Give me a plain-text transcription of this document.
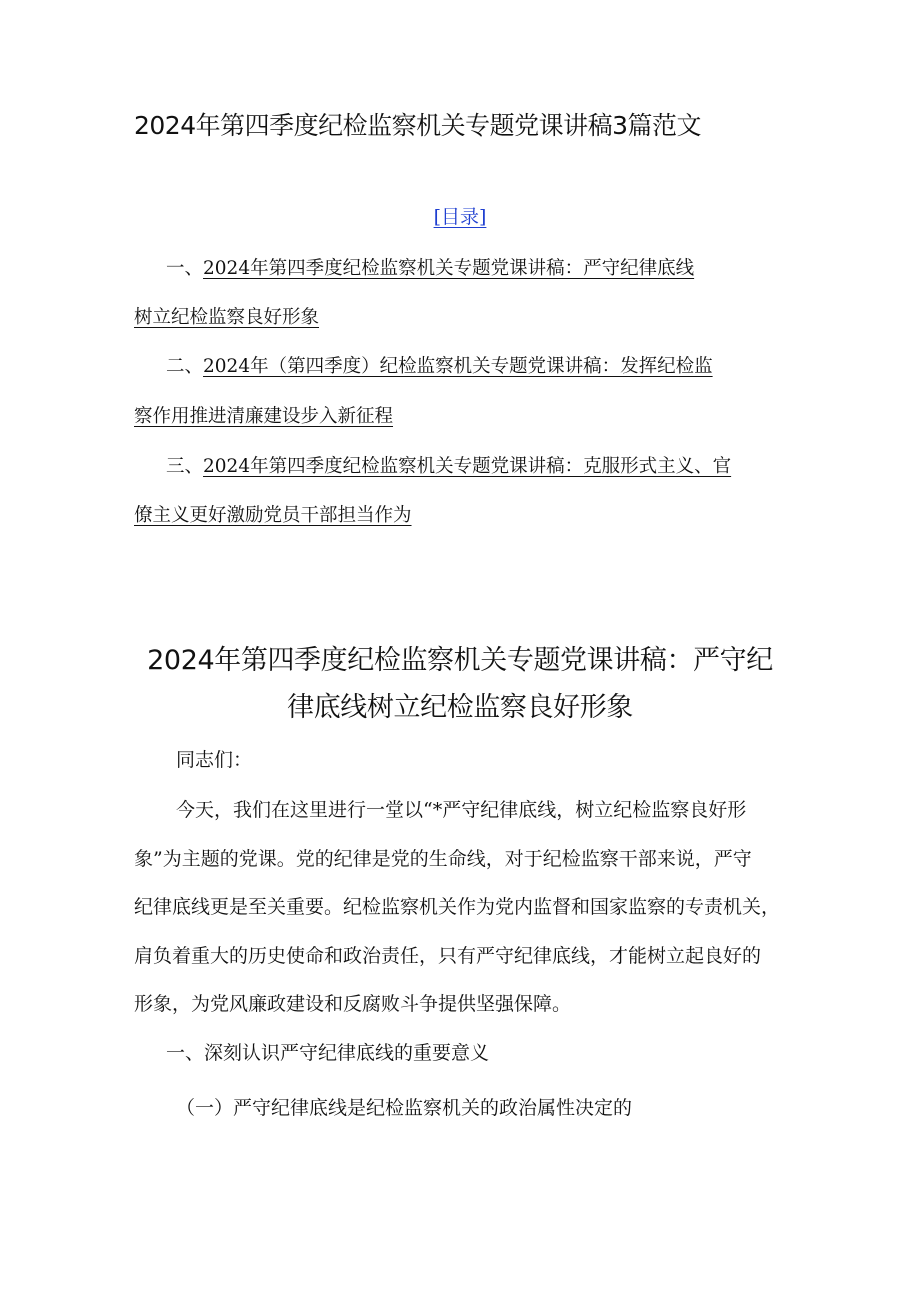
2024年第四季度纪检监察机关专题党课讲稿3篇范文
[目录]
一、2024年第四季度纪检监察机关专题党课讲稿：严守纪律底线
树立纪检监察良好形象
二、2024年（第四季度）纪检监察机关专题党课讲稿：发挥纪检监
察作用推进清廉建设步入新征程
三、2024年第四季度纪检监察机关专题党课讲稿：克服形式主义、官
僚主义更好激励党员干部担当作为
2024年第四季度纪检监察机关专题党课讲稿：严守纪
律底线树立纪检监察良好形象
同志们：
今天，我们在这里进行一堂以“*严守纪律底线，树立纪检监察良好形
象”为主题的党课。党的纪律是党的生命线，对于纪检监察干部来说，严守
纪律底线更是至关重要。纪检监察机关作为党内监督和国家监察的专责机关，
肩负着重大的历史使命和政治责任，只有严守纪律底线，才能树立起良好的
形象，为党风廉政建设和反腐败斗争提供坚强保障。
一、深刻认识严守纪律底线的重要意义
（一）严守纪律底线是纪检监察机关的政治属性决定的
